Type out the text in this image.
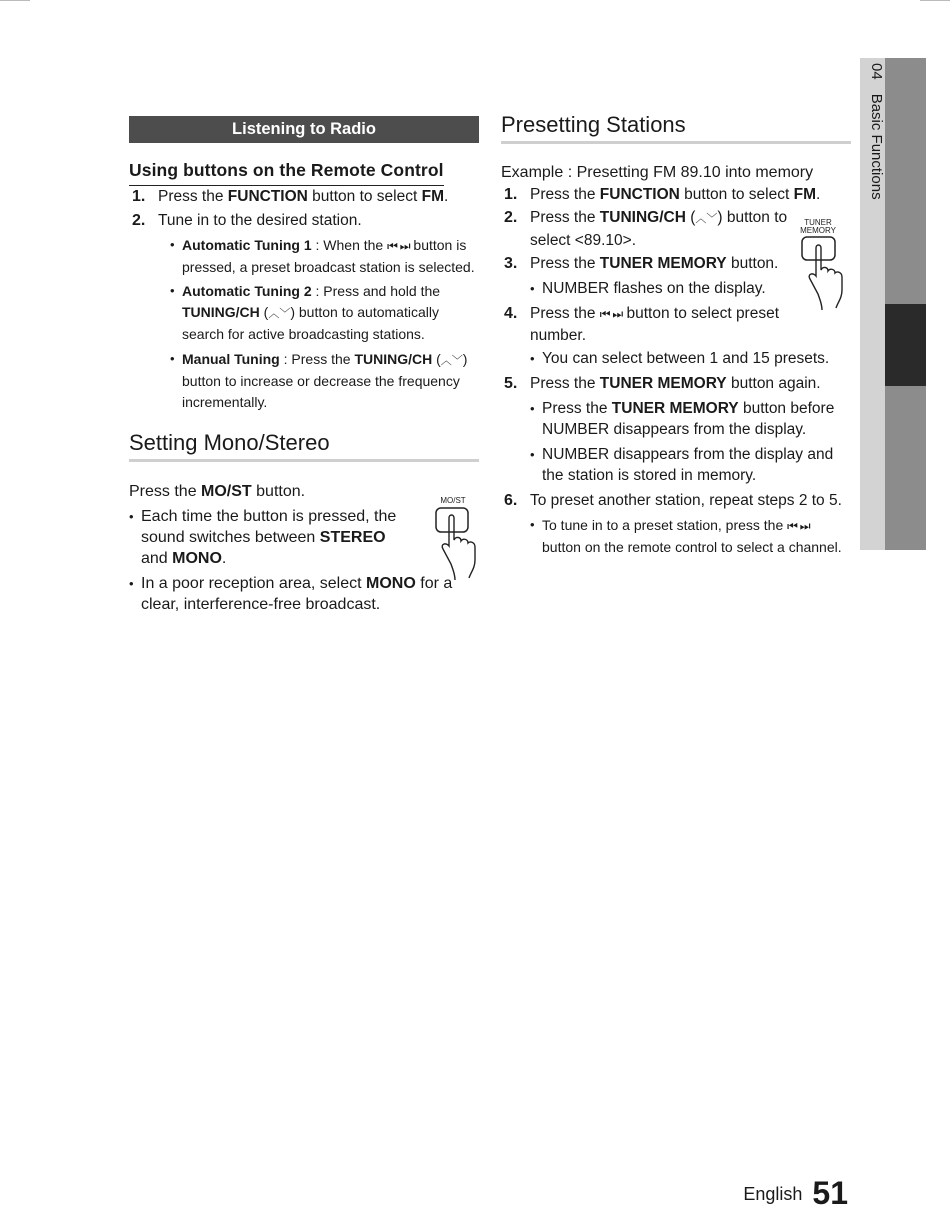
Listening to Radio
Using buttons on the Remote Control
1. Press the FUNCTION button to select FM.
2. Tune in to the desired station.
• Automatic Tuning 1 : When the ⏮ ⏭ button is pressed, a preset broadcast station is selected.
• Automatic Tuning 2 : Press and hold the TUNING/CH (︿﹀) button to automatically search for active broadcasting stations.
• Manual Tuning : Press the TUNING/CH (︿﹀) button to increase or decrease the frequency incrementally.
Setting Mono/Stereo
Press the MO/ST button.
• Each time the button is pressed, the sound switches between STEREO and MONO.
• In a poor reception area, select MONO for a clear, interference-free broadcast.
MO/ST
Presetting Stations
Example : Presetting FM 89.10 into memory
1. Press the FUNCTION button to select FM.
2. Press the TUNING/CH (︿﹀) button to select <89.10>.
3. Press the TUNER MEMORY button.
• NUMBER flashes on the display.
4. Press the ⏮ ⏭ button to select preset number.
• You can select between 1 and 15 presets.
5. Press the TUNER MEMORY button again.
• Press the TUNER MEMORY button before NUMBER disappears from the display.
• NUMBER disappears from the display and the station is stored in memory.
6. To preset another station, repeat steps 2 to 5.
• To tune in to a preset station, press the ⏮ ⏭ button on the remote control to select a channel.
TUNER
MEMORY
04Basic Functions
English 51
